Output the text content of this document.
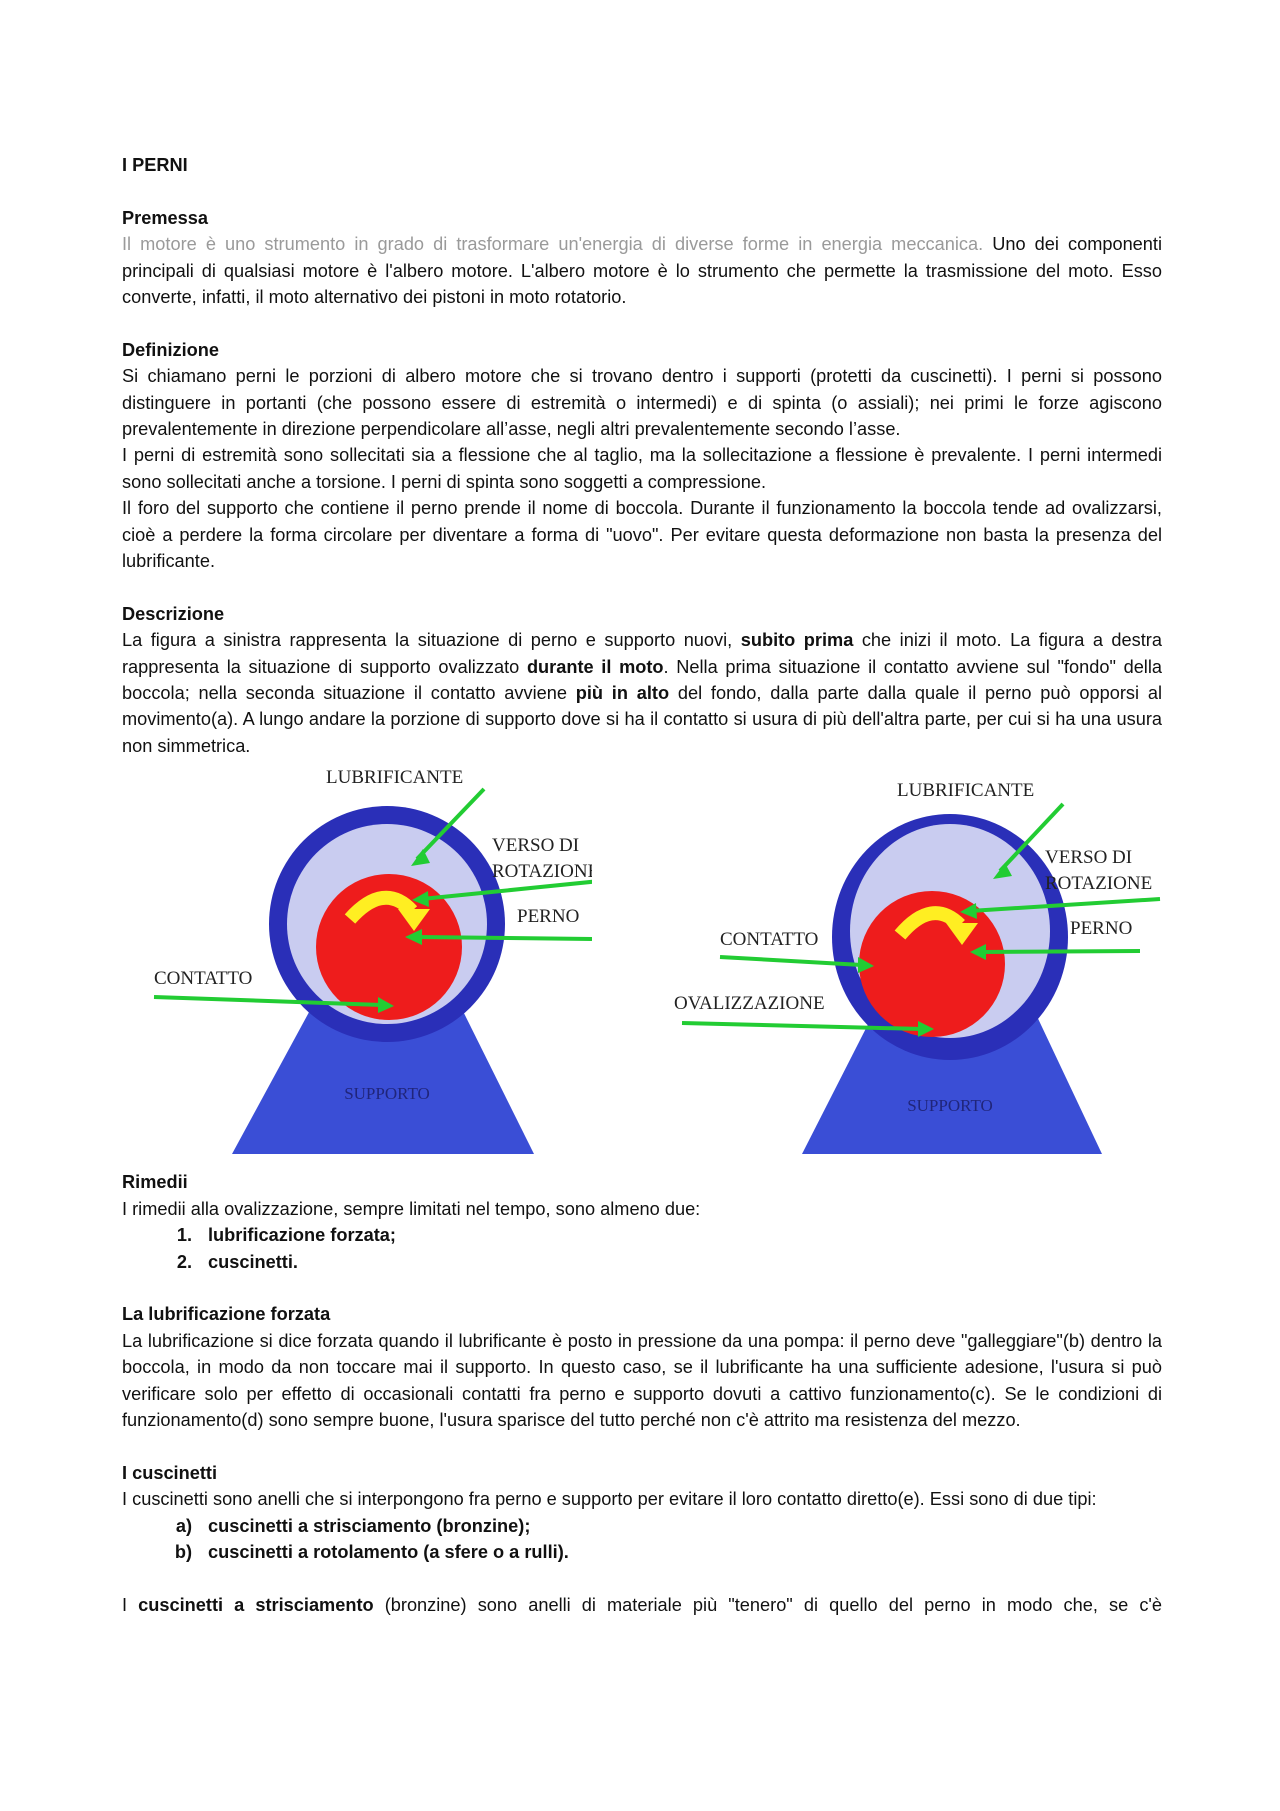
I PERNI

Premessa

Il motore è uno strumento in grado di trasformare un'energia di diverse forme in energia meccanica. Uno dei componenti principali di qualsiasi motore è l'albero motore. L'albero motore è lo strumento che permette la trasmissione del moto. Esso converte, infatti, il moto alternativo dei pistoni in moto rotatorio.

Definizione

Si chiamano perni le porzioni di albero motore che si trovano dentro i supporti (protetti da cuscinetti). I perni si possono distinguere in portanti (che possono essere di estremità o intermedi) e di spinta (o assiali); nei primi le forze agiscono prevalentemente in direzione perpendicolare all’asse, negli altri prevalentemente secondo l’asse.

I perni di estremità sono sollecitati sia a flessione che al taglio, ma la sollecitazione a flessione è prevalente. I perni intermedi sono sollecitati anche a torsione. I perni di spinta sono soggetti a compressione.

Il foro del supporto che contiene il perno prende il nome di boccola. Durante il funzionamento la boccola tende ad ovalizzarsi, cioè a perdere la forma circolare per diventare a forma di "uovo". Per evitare questa deformazione non basta la presenza del lubrificante.

Descrizione

La figura a sinistra rappresenta la situazione di perno e supporto nuovi, subito prima che inizi il moto. La figura a destra rappresenta la situazione di supporto ovalizzato durante il moto. Nella prima situazione il contatto avviene sul "fondo" della boccola; nella seconda situazione il contatto avviene più in alto del fondo, dalla parte dalla quale il perno può opporsi al movimento(a). A lungo andare la porzione di supporto dove si ha il contatto si usura di più dell'altra parte, per cui si ha una usura non simmetrica.

SUPPORTO
LUBRIFICANTE
VERSO DI
ROTAZIONE
PERNO
CONTATTO
SUPPORTO
LUBRIFICANTE
VERSO DI
ROTAZIONE
PERNO
CONTATTO
OVALIZZAZIONE

Rimedii

I rimedii alla ovalizzazione, sempre limitati nel tempo, sono almeno due:

1. lubrificazione forzata;
2. cuscinetti.

La lubrificazione forzata

La lubrificazione si dice forzata quando il lubrificante è posto in pressione da una pompa: il perno deve "galleggiare"(b) dentro la boccola, in modo da non toccare mai il supporto. In questo caso, se il lubrificante ha una sufficiente adesione, l'usura si può verificare solo per effetto di occasionali contatti fra perno e supporto dovuti a cattivo funzionamento(c). Se le condizioni di funzionamento(d) sono sempre buone, l'usura sparisce del tutto perché non c'è attrito ma resistenza del mezzo.

I cuscinetti

I cuscinetti sono anelli che si interpongono fra perno e supporto per evitare il loro contatto diretto(e). Essi sono di due tipi:

a) cuscinetti a strisciamento (bronzine);
b) cuscinetti a rotolamento (a sfere o a rulli).

I cuscinetti a strisciamento (bronzine) sono anelli di materiale più "tenero" di quello del perno in modo che, se c'è
